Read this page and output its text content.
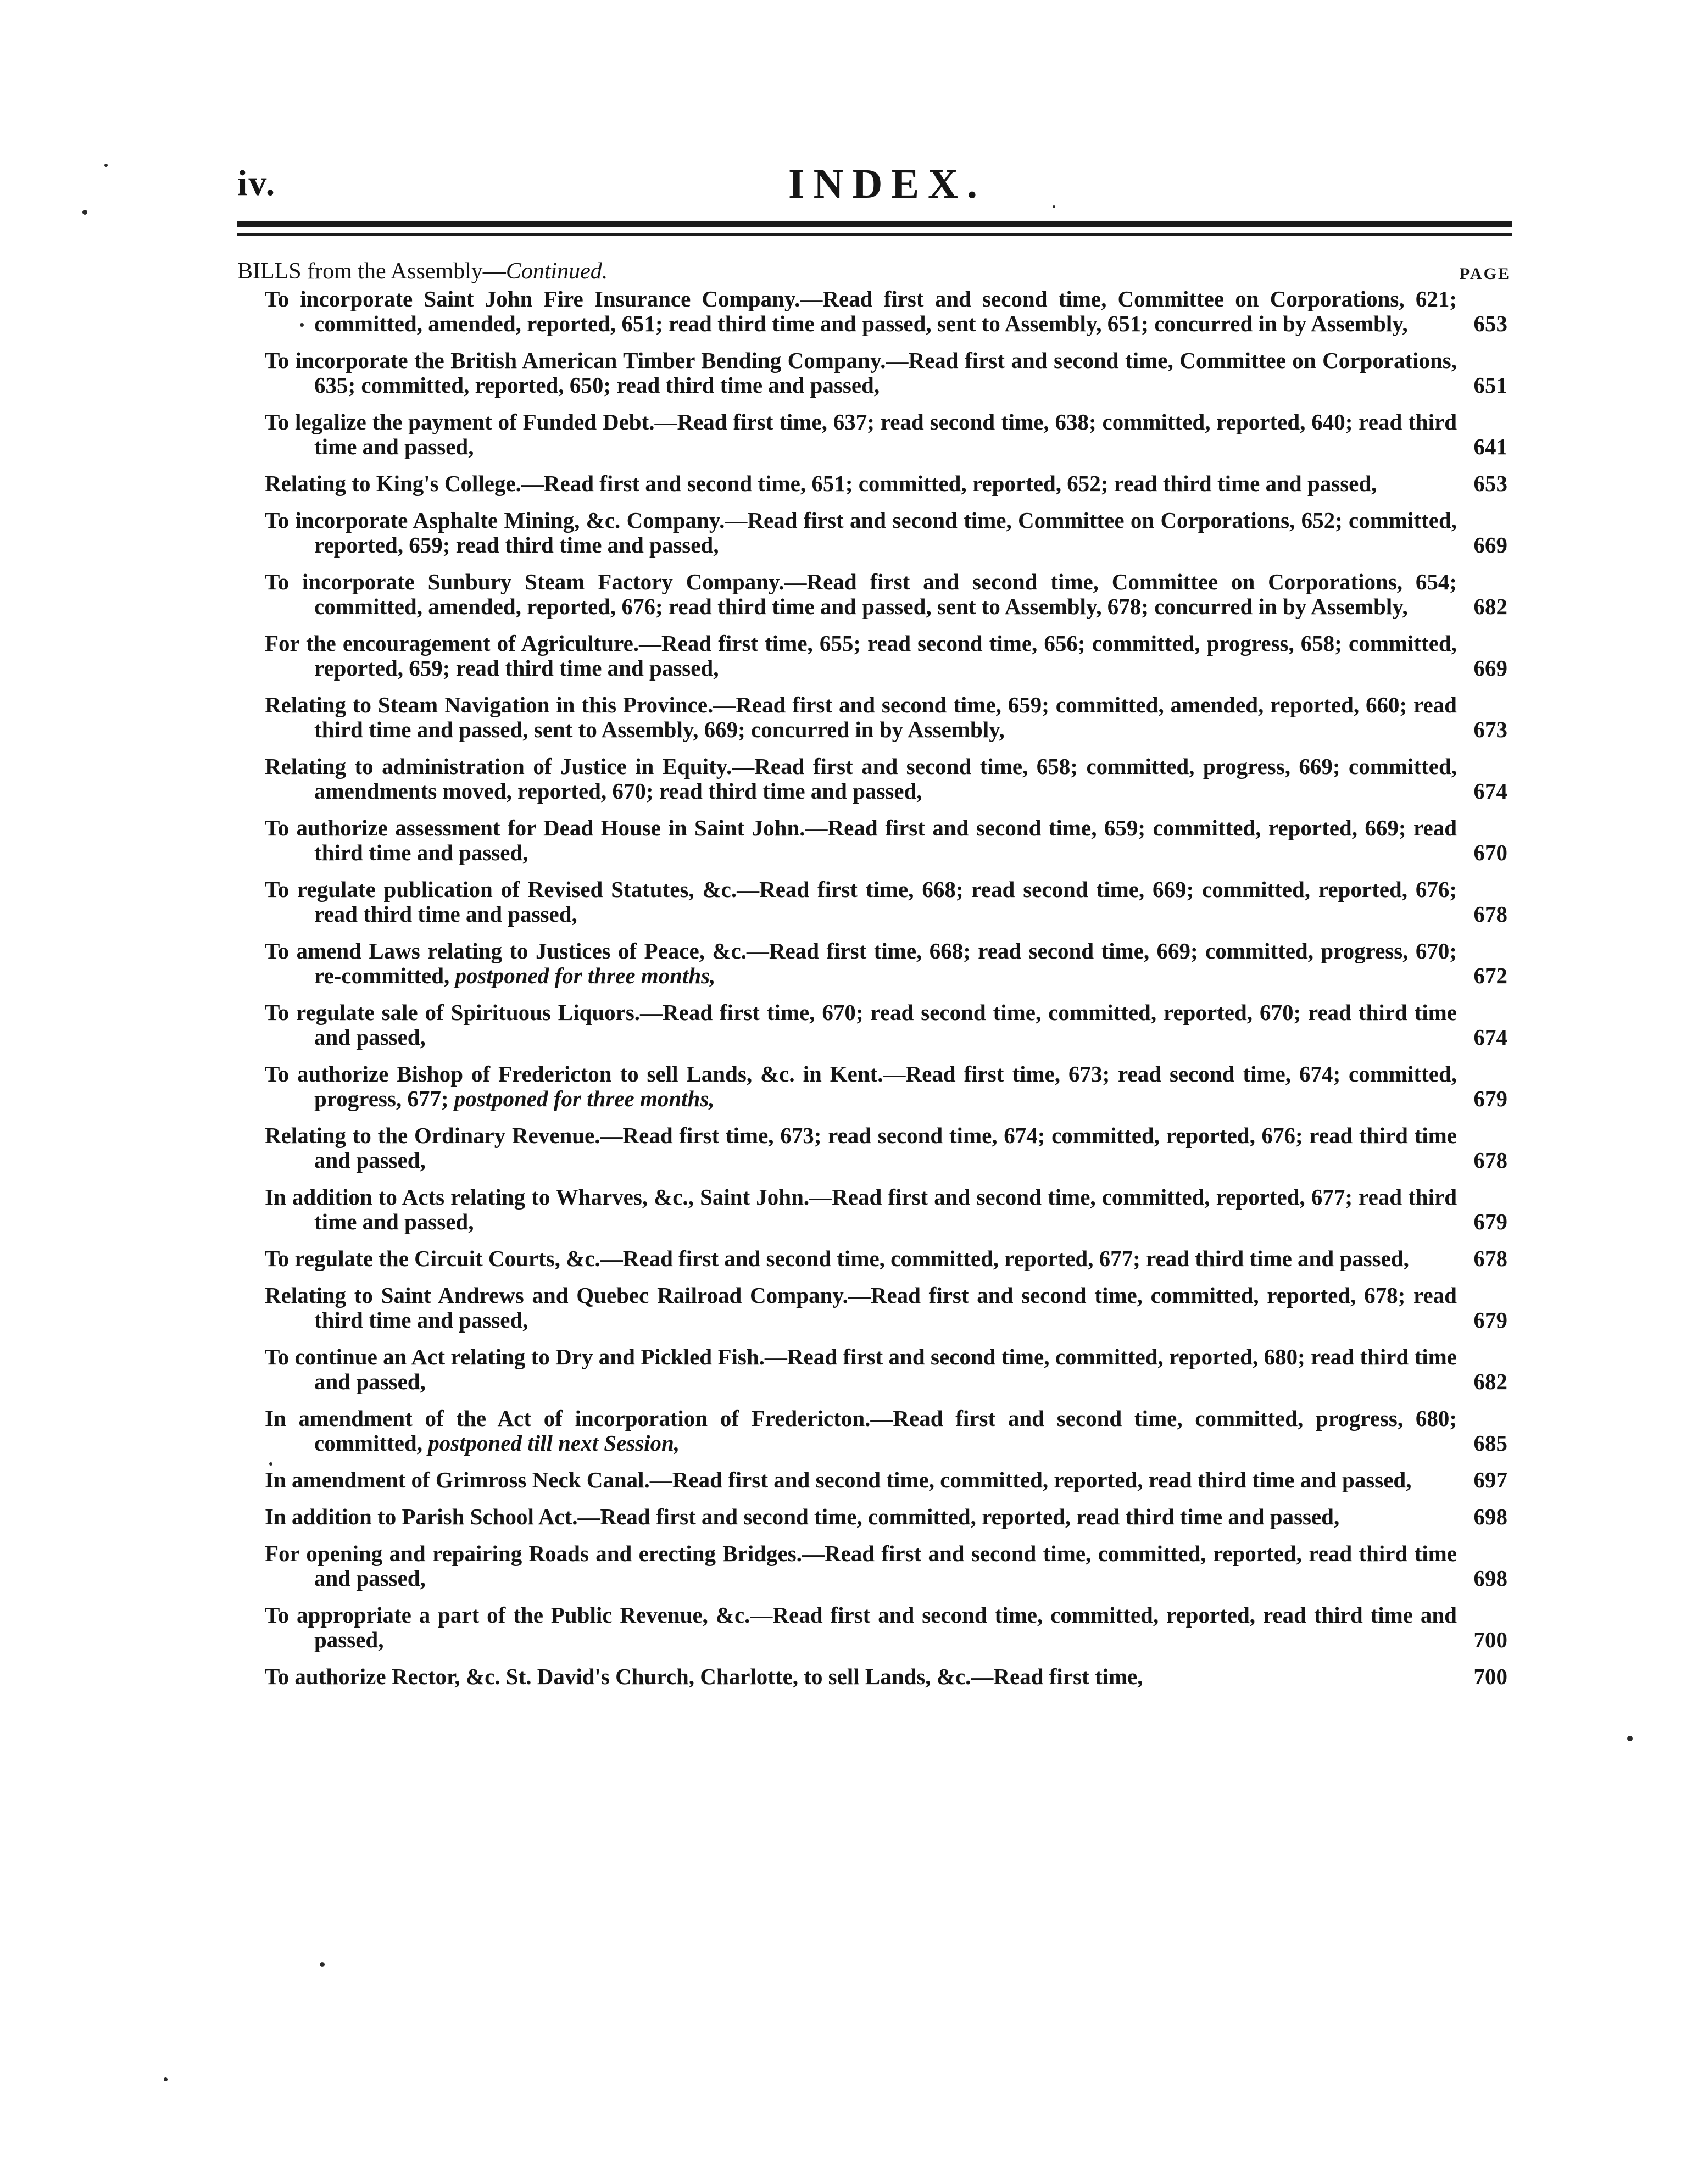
iv.	INDEX.
BILLS from the Assembly—Continued.	PAGE
To incorporate Saint John Fire Insurance Company.—Read first and second time, Committee on Corporations, 621; committed, amended, reported, 651; read third time and passed, sent to Assembly, 651; concurred in by Assembly,	653
To incorporate the British American Timber Bending Company.—Read first and second time, Committee on Corporations, 635; committed, reported, 650; read third time and passed,	651
To legalize the payment of Funded Debt.—Read first time, 637; read second time, 638; committed, reported, 640; read third time and passed,	641
Relating to King's College.—Read first and second time, 651; committed, reported, 652; read third time and passed,	653
To incorporate Asphalte Mining, &c. Company.—Read first and second time, Committee on Corporations, 652; committed, reported, 659; read third time and passed,	669
To incorporate Sunbury Steam Factory Company.—Read first and second time, Committee on Corporations, 654; committed, amended, reported, 676; read third time and passed, sent to Assembly, 678; concurred in by Assembly,	682
For the encouragement of Agriculture.—Read first time, 655; read second time, 656; committed, progress, 658; committed, reported, 659; read third time and passed,	669
Relating to Steam Navigation in this Province.—Read first and second time, 659; committed, amended, reported, 660; read third time and passed, sent to Assembly, 669; concurred in by Assembly,	673
Relating to administration of Justice in Equity.—Read first and second time, 658; committed, progress, 669; committed, amendments moved, reported, 670; read third time and passed,	674
To authorize assessment for Dead House in Saint John.—Read first and second time, 659; committed, reported, 669; read third time and passed,	670
To regulate publication of Revised Statutes, &c.—Read first time, 668; read second time, 669; committed, reported, 676; read third time and passed,	678
To amend Laws relating to Justices of Peace, &c.—Read first time, 668; read second time, 669; committed, progress, 670; re-committed, postponed for three months,	672
To regulate sale of Spirituous Liquors.—Read first time, 670; read second time, committed, reported, 670; read third time and passed,	674
To authorize Bishop of Fredericton to sell Lands, &c. in Kent.—Read first time, 673; read second time, 674; committed, progress, 677; postponed for three months,	679
Relating to the Ordinary Revenue.—Read first time, 673; read second time, 674; committed, reported, 676; read third time and passed,	678
In addition to Acts relating to Wharves, &c., Saint John.—Read first and second time, committed, reported, 677; read third time and passed,	679
To regulate the Circuit Courts, &c.—Read first and second time, committed, reported, 677; read third time and passed,	678
Relating to Saint Andrews and Quebec Railroad Company.—Read first and second time, committed, reported, 678; read third time and passed,	679
To continue an Act relating to Dry and Pickled Fish.—Read first and second time, committed, reported, 680; read third time and passed,	682
In amendment of the Act of incorporation of Fredericton.—Read first and second time, committed, progress, 680; committed, postponed till next Session,	685
In amendment of Grimross Neck Canal.—Read first and second time, committed, reported, read third time and passed,	697
In addition to Parish School Act.—Read first and second time, committed, reported, read third time and passed,	698
For opening and repairing Roads and erecting Bridges.—Read first and second time, committed, reported, read third time and passed,	698
To appropriate a part of the Public Revenue, &c.—Read first and second time, committed, reported, read third time and passed,	700
To authorize Rector, &c. St. David's Church, Charlotte, to sell Lands, &c.—Read first time,	700
